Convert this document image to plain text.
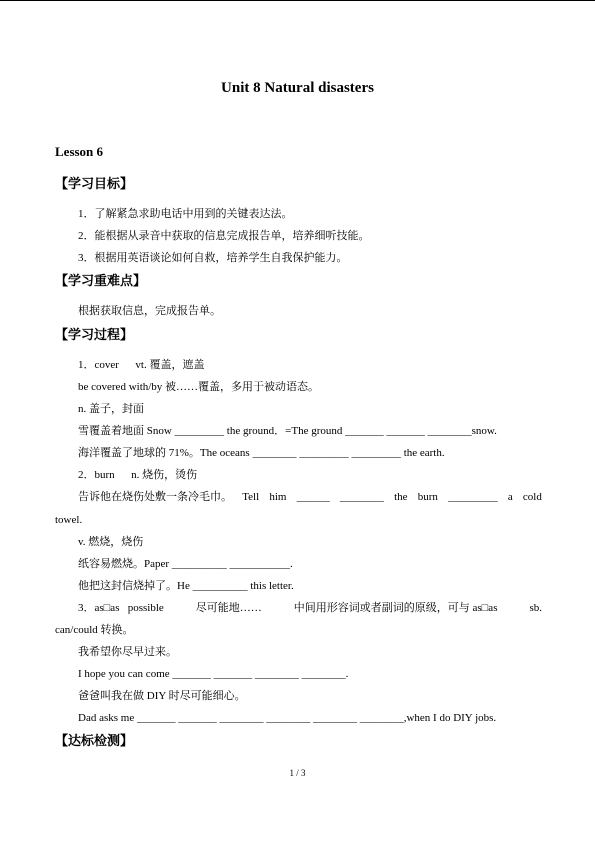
Unit 8 Natural disasters
Lesson 6
【学习目标】
1．了解紧急求助电话中用到的关键表达法。
2．能根据从录音中获取的信息完成报告单，培养细听技能。
3．根据用英语谈论如何自救，培养学生自我保护能力。
【学习重难点】
根据获取信息，完成报告单。
【学习过程】
1．cover      vt. 覆盖，遮盖
be covered with/by 被……覆盖，多用于被动语态。
n. 盖子，封面
雪覆盖着地面 Snow _________ the ground．=The ground _______ _______ ________snow.
海洋覆盖了地球的 71%。The oceans ________ _________ _________ the earth.
2．burn      n. 烧伤，烫伤
告诉他在烧伤处敷一条冷毛巾。 Tell him ______ ________ the burn _________ a cold
towel.
v. 燃烧，烧伤
纸容易燃烧。Paper __________ ___________.
他把这封信烧掉了。He __________ this letter.
3．as□as   possible	尽可能地……	中间用形容词或者副词的原级，可与 as□as	sb.
can/could 转换。
我希望你尽早过来。
I hope you can come _______ _______ ________ ________.
爸爸叫我在做 DIY 时尽可能细心。
Dad asks me _______ _______ ________ ________ ________ ________,when I do DIY jobs.
【达标检测】
1 / 3
